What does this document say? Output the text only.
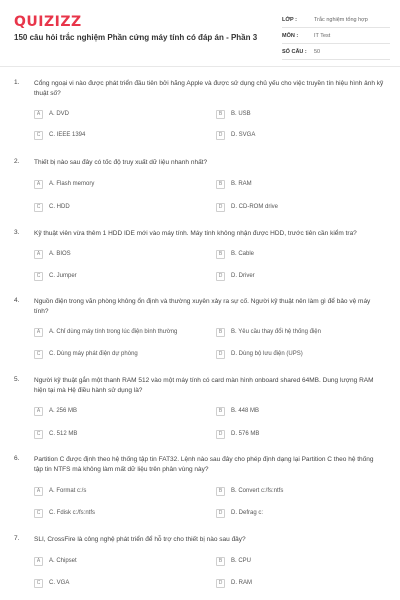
QUIZIZZ
150 câu hỏi trắc nghiệm Phần cứng máy tính có đáp án - Phần 3
LỚP :	Trắc nghiệm tổng hợp
MÔN :	IT Test
SỐ CÂU :	50
1. Cổng ngoại vi nào được phát triển đầu tiên bởi hãng Apple và được sử dụng chủ yếu cho việc truyền tín hiệu hình ảnh kỹ thuật số?
A	A. DVD	B	B. USB
C	C. IEEE 1394	D	D. SVGA
2. Thiết bị nào sau đây có tốc độ truy xuất dữ liệu nhanh nhất?
A	A. Flash memory	B	B. RAM
C	C. HDD	D	D. CD-ROM drive
3. Kỹ thuật viên vừa thêm 1 HDD IDE mới vào máy tính. Máy tính không nhận được HDD, trước tiên cần kiểm tra?
A	A. BIOS	B	B. Cable
C	C. Jumper	D	D. Driver
4. Nguồn điện trong văn phòng không ổn định và thường xuyên xảy ra sự cố. Người kỹ thuật nên làm gì để bảo vệ máy tính?
A	A. Chỉ dùng máy tính trong lúc điện bình thường	B	B. Yêu cầu thay đổi hệ thống điện
C	C. Dùng máy phát điện dự phòng	D	D. Dùng bộ lưu điện (UPS)
5. Người kỹ thuật gắn một thanh RAM 512 vào một máy tính có card màn hình onboard shared 64MB. Dung lượng RAM hiện tại mà Hệ điều hành sử dụng là?
A	A. 256 MB	B	B. 448 MB
C	C. 512 MB	D	D. 576 MB
6. Partition C được định theo hệ thống tập tin FAT32. Lệnh nào sau đây cho phép định dạng lại Partition C theo hệ thống tập tin NTFS mà không làm mất dữ liệu trên phân vùng này?
A	A. Format c:/s	B	B. Convert c:/fs:ntfs
C	C. Fdisk c:/fs:ntfs	D	D. Defrag c:
7. SLI, CrossFire là công nghệ phát triển để hỗ trợ cho thiết bị nào sau đây?
A	A. Chipset	B	B. CPU
C	C. VGA	D	D. RAM
